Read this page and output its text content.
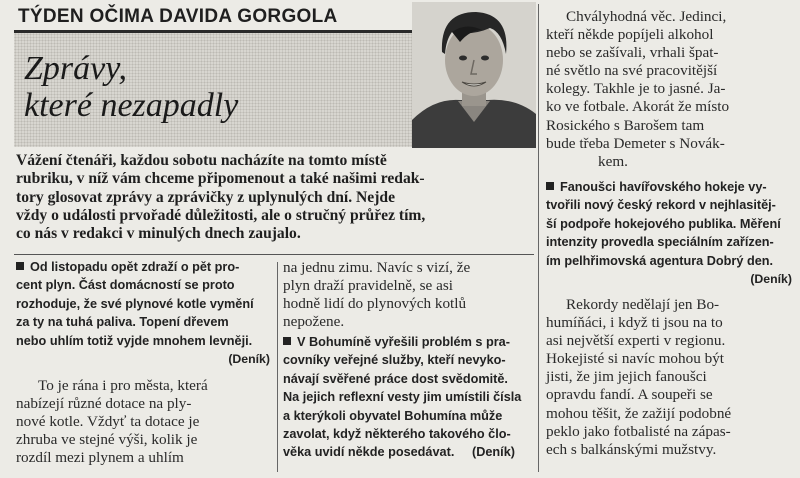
TÝDEN OČIMA DAVIDA GORGOLA
Zprávy,
které nezapadly
Vážení čtenáři, každou sobotu nacházíte na tomto místě
rubriku, v níž vám chceme připomenout a také našimi redak-
tory glosovat zprávy a zprávičky z uplynulých dní. Nejde
vždy o události prvořadé důležitosti, ale o stručný průřez tím,
co nás v redakci v minulých dnech zaujalo.
Od listopadu opět zdraží o pět pro-
cent plyn. Část domácností se proto
rozhoduje, že své plynové kotle vymění
za ty na tuhá paliva. Topení dřevem
nebo uhlím totiž vyjde mnohem levněji.
(Deník)
To je rána i pro města, která
nabízejí různé dotace na ply-
nové kotle. Vždyť ta dotace je
zhruba ve stejné výši, kolik je
rozdíl mezi plynem a uhlím
na jednu zimu. Navíc s vizí, že
plyn draží pravidelně, se asi
hodně lidí do plynových kotlů
nepožene.
V Bohumíně vyřešili problém s pra-
covníky veřejné služby, kteří nevyko-
návají svěřené práce dost svědomitě.
Na jejich reflexní vesty jim umístili čísla
a kterýkoli obyvatel Bohumína může
zavolat, když některého takového člo-
věka uvidí někde posedávat. (Deník)
Chvályhodná věc. Jedinci,
kteří někde popíjeli alkohol
nebo se zašívali, vrhali špat-
né světlo na své pracovitější
kolegy. Takhle je to jasné. Ja-
ko ve fotbale. Akorát že místo
Rosického s Barošem tam
bude třeba Demeter s Novák-
kem.
Fanoušci havířovského hokeje vy-
tvořili nový český rekord v nejhlasitěj-
ší podpoře hokejového publika. Měření
intenzity provedla speciálním zařízen-
ím pelhřimovská agentura Dobrý den.
(Deník)
Rekordy nedělají jen Bo-
humíňáci, i když ti jsou na to
asi největší experti v regionu.
Hokejisté si navíc mohou být
jisti, že jim jejich fanoušci
opravdu fandí. A soupeři se
mohou těšit, že zažijí podobné
peklo jako fotbalisté na zápas-
ech s balkánskými mužstvy.
